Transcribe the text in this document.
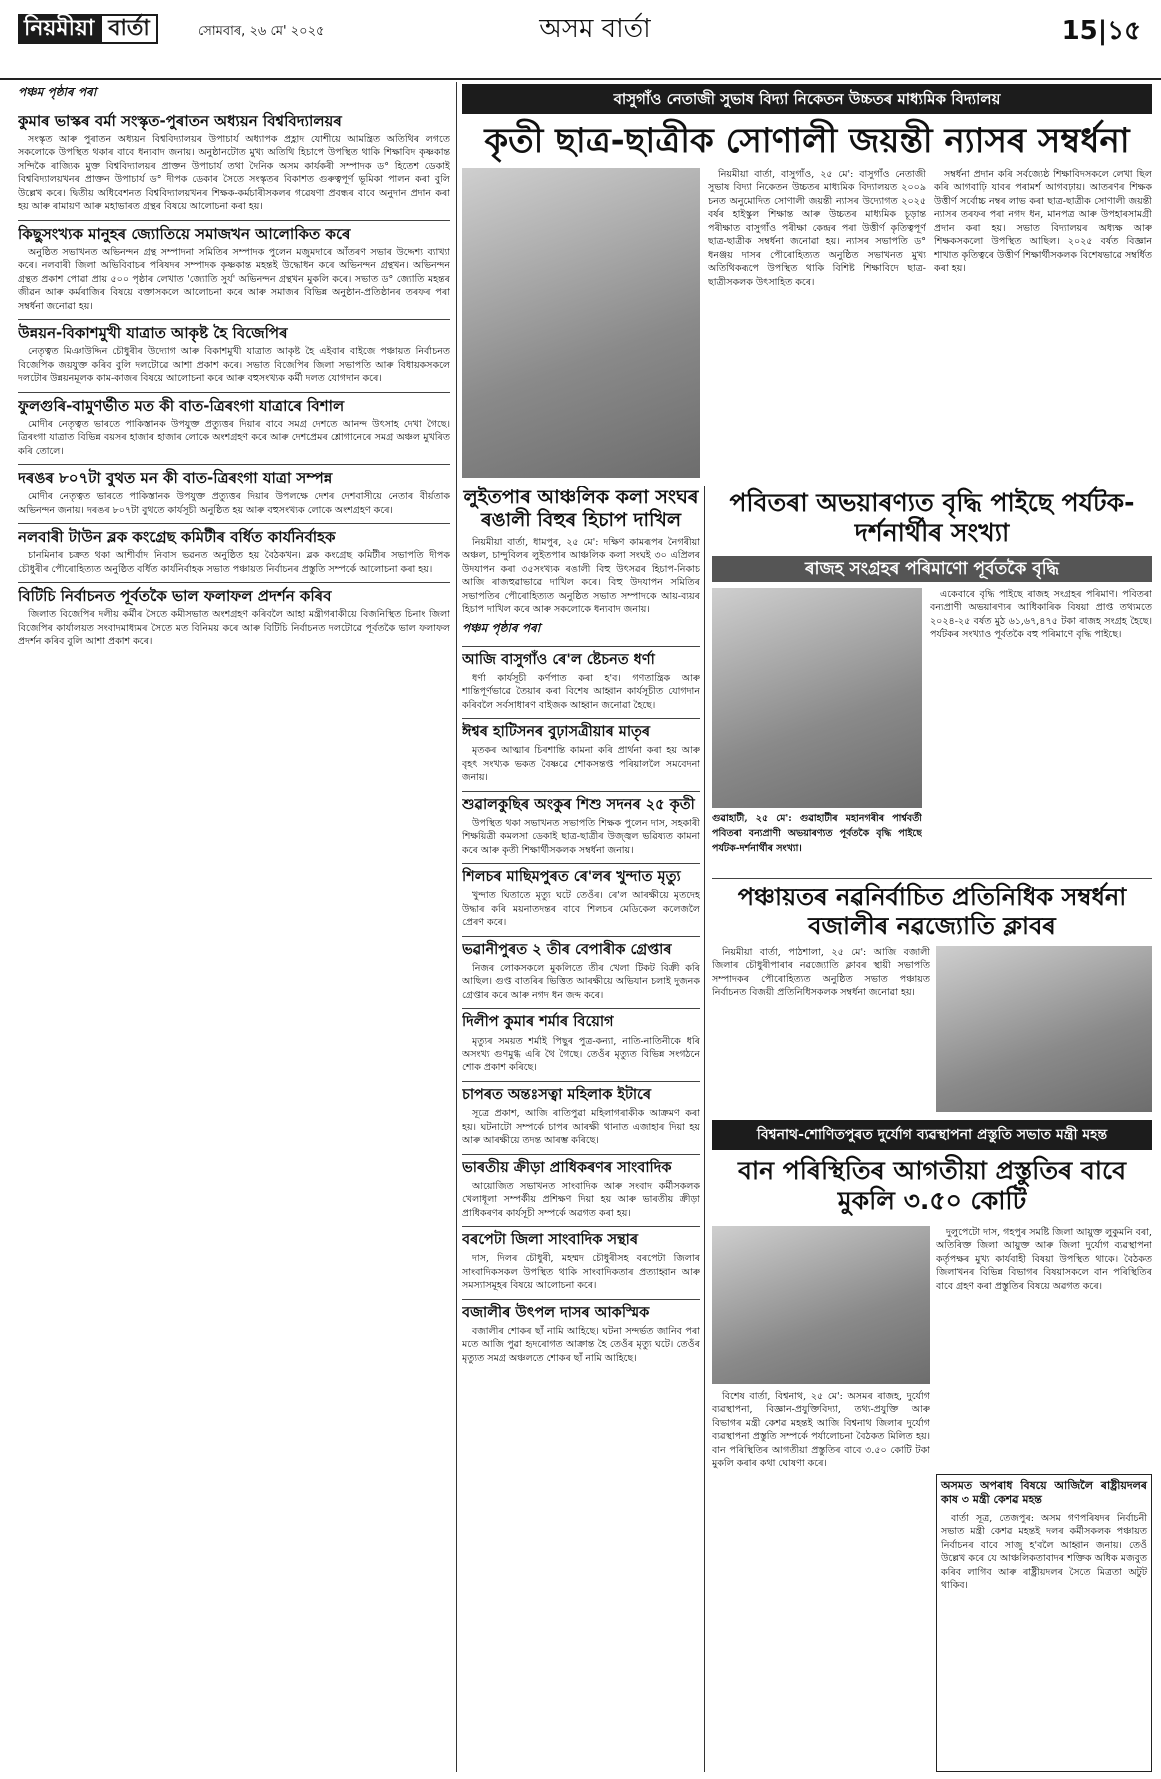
নিয়মীয়া বাৰ্তা	সোমবাৰ, ২৬ মে' ২০২৫	অসম বাৰ্তা	15|১৫
পঞ্চম পৃষ্ঠাৰ পৰা
কুমাৰ ভাস্কৰ বৰ্মা সংস্কৃত-পুৰাতন অধ্যয়ন বিশ্ববিদ্যালয়ৰ

সংস্কৃত আৰু পুৰাতন অধ্যয়ন বিশ্ববিদ্যালয়ৰ উপাচাৰ্য অধ্যাপক প্ৰহ্লাদ যোশীয়ে আমন্ত্ৰিত অতিথিৰ লগতে সকলোকে উপস্থিত থকাৰ বাবে ধন্যবাদ জনায়। অনুষ্ঠানটোত মুখ্য অতিথি হিচাপে উপস্থিত থাকি শিক্ষাবিদ কৃষ্ণকান্ত সন্দিকৈ ৰাজ্যিক মুক্ত বিশ্ববিদ্যালয়ৰ প্ৰাক্তন উপাচাৰ্য তথা দৈনিক অসম কাৰ্যকৰী সম্পাদক ড° হিতেশ ডেকাই বিশ্ববিদ্যালয়খনৰ প্ৰাক্তন উপাচাৰ্য ড° দীপক ডেকাৰ সৈতে সংস্কৃতৰ বিকাশত গুৰুত্বপূৰ্ণ ভূমিকা পালন কৰা বুলি উল্লেখ কৰে। দ্বিতীয় অধিবেশনত বিশ্ববিদ্যালয়খনৰ শিক্ষক-কৰ্মচাৰীসকলৰ গৱেষণা প্ৰবন্ধৰ বাবে অনুদান প্ৰদান কৰা হয় আৰু ৰামায়ণ আৰু মহাভাৰত গ্ৰন্থৰ বিষয়ে আলোচনা কৰা হয়।

কিছুসংখ্যক মানুহৰ জ্যোতিয়ে সমাজখন আলোকিত কৰে

অনুষ্ঠিত সভাখনত অভিনন্দন গ্ৰন্থ সম্পাদনা সমিতিৰ সম্পাদক পুলেন মজুমদাৰে আঁতৰণ সভাৰ উদ্দেশ্য ব্যাখ্যা কৰে। নলবাৰী জিলা অভিবিবাচৰ পৰিষদৰ সম্পাদক কৃষ্ণকান্ত মহন্তই উদ্ধোধন কৰে অভিনন্দন গ্ৰন্থখন। অভিনন্দন গ্ৰন্থত প্ৰকাশ পোৱা প্ৰায় ৫০০ পৃষ্ঠাৰ লেখাত 'জ্যোতি সুৰ্য' অভিনন্দন গ্ৰন্থখন মুকলি কৰে। সভাত ড° জ্যোতি মহন্তৰ জীৱন আৰু কৰ্মৰাজিৰ বিষয়ে বক্তাসকলে আলোচনা কৰে আৰু সমাজৰ বিভিন্ন অনুষ্ঠান-প্ৰতিষ্ঠানৰ তৰফৰ পৰা সম্বৰ্ধনা জনোৱা হয়।

উন্নয়ন-বিকাশমুখী যাত্ৰাত আকৃষ্ট হৈ বিজেপিৰ

নেতৃত্বত মিঞাউদ্দিন চৌধুৰীৰ উদ্যোগ আৰু বিকাশমুখী যাত্ৰাত আকৃষ্ট হৈ এইবাৰ বাইজে পঞ্চায়ত নিৰ্বাচনত বিজেপিক জয়যুক্ত কৰিব বুলি দলটোৱে আশা প্ৰকাশ কৰে। সভাত বিজেপিৰ জিলা সভাপতি আৰু বিধায়কসকলে দলটোৰ উন্নয়নমূলক কাম-কাজৰ বিষয়ে আলোচনা কৰে আৰু বহুসংখ্যক কৰ্মী দলত যোগদান কৰে।

ফুলগুৰি-বামুণৰ্ভীত মত কী বাত-ত্ৰিৰংগা যাত্ৰাৰে বিশাল

মোদীৰ নেতৃত্বত ভাৰতে পাকিস্তানক উপযুক্ত প্ৰত্যুত্তৰ দিয়াৰ বাবে সমগ্ৰ দেশতে আনন্দ উৎসাহ দেখা গৈছে। ত্ৰিৰংগা যাত্ৰাত বিভিন্ন বয়সৰ হাজাৰ হাজাৰ লোকে অংশগ্ৰহণ কৰে আৰু দেশপ্ৰেমৰ শ্লোগানেৰে সমগ্ৰ অঞ্চল মুখৰিত কৰি তোলে।

দৰঙৰ ৮০৭টা বুথত মন কী বাত-ত্ৰিৰংগা যাত্ৰা সম্পন্ন

মোদীৰ নেতৃত্বত ভাৰতে পাকিস্তানক উপযুক্ত প্ৰত্যুত্তৰ দিয়াৰ উপলক্ষে দেশৰ দেশবাসীয়ে নেতাৰ বীৰ্য়তাক অভিনন্দন জনায়। দৰঙৰ ৮০৭টা বুথতে কাৰ্যসূচী অনুষ্ঠিত হয় আৰু বহুসংখ্যক লোকে অংশগ্ৰহণ কৰে।

নলবাৰী টাউন ব্লক কংগ্ৰেছ কমিটীৰ বৰ্ধিত কাৰ্যনিৰ্বাহক

চানমিনাৰ চক্ৰত থকা আশীৰ্বাদ নিবাস ভৱনত অনুষ্ঠিত হয় বৈঠকখন। ব্লক কংগ্ৰেছ কমিটীৰ সভাপতি দীপক চৌধুৰীৰ পৌৰোহিত্যত অনুষ্ঠিত বৰ্ধিত কাৰ্যনিৰ্বাহক সভাত পঞ্চায়ত নিৰ্বাচনৰ প্ৰস্তুতি সম্পৰ্কে আলোচনা কৰা হয়।

বিটিচি নিৰ্বাচনত পূৰ্বতকৈ ভাল ফলাফল প্ৰদৰ্শন কৰিব

জিলাত বিজেপিৰ দলীয় কৰ্মীৰ সৈতে কমীসভাত অংশগ্ৰহণ কৰিবলৈ আহা মন্ত্ৰীগৰাকীয়ে বিজনিস্থিত চিনাং জিলা বিজেপিৰ কাৰ্যালয়ত সংবাদমাধ্যমৰ সৈতে মত বিনিময় কৰে আৰু বিটিচি নিৰ্বাচনত দলটোৱে পূৰ্বতকৈ ভাল ফলাফল প্ৰদৰ্শন কৰিব বুলি আশা প্ৰকাশ কৰে।

বাসুগাঁও নেতাজী সুভাষ বিদ্যা নিকেতন উচ্চতৰ মাধ্যমিক বিদ্যালয়
কৃতী ছাত্ৰ-ছাত্ৰীক সোণালী জয়ন্তী ন্যাসৰ সম্বৰ্ধনা

নিয়মীয়া বাৰ্তা, বাসুগাঁও, ২৫ মে': বাসুগাঁও নেতাজী সুভাষ বিদ্যা নিকেতন উচ্চতৰ মাধ্যমিক বিদ্যালয়ত ২০০৯ চনত অনুমোদিত সোণালী জয়ন্তী ন্যাসৰ উদ্যোগত ২০২৫ বৰ্ষৰ হাইস্কুল শিক্ষান্ত আৰু উচ্চতৰ মাধ্যমিক চূড়ান্ত পৰীক্ষাত বাসুগাঁও পৰীক্ষা কেন্দ্ৰৰ পৰা উত্তীৰ্ণ কৃতিত্বপূৰ্ণ ছাত্ৰ-ছাত্ৰীক সম্বৰ্ধনা জনোৱা হয়। ন্যাসৰ সভাপতি ড° ধনঞ্জয় দাসৰ পৌৰোহিত্যত অনুষ্ঠিত সভাখনত মুখ্য অতিথিকৰূপে উপস্থিত থাকি বিশিষ্ট শিক্ষাবিদে ছাত্ৰ-ছাত্ৰীসকলক উৎসাহিত কৰে।

সম্বৰ্ধনা প্ৰদান কৰি সৰ্বজ্যেষ্ঠ শিক্ষাবিদসকলে লেখা ছিল কৰি আগবাঢ়ি যাবৰ পৰামৰ্শ আগবঢ়ায়। আতৰণৰ শিক্ষক উত্তীৰ্ণ সৰ্বোচ্চ নম্বৰ লাভ কৰা ছাত্ৰ-ছাত্ৰীক সোণালী জয়ন্তী ন্যাসৰ তৰফৰ পৰা নগদ ধন, মানপত্ৰ আৰু উপহাৰসামগ্ৰী প্ৰদান কৰা হয়। সভাত বিদ্যালয়ৰ অধ্যক্ষ আৰু শিক্ষকসকলো উপস্থিত আছিল। ২০২৫ বৰ্ষত বিজ্ঞান শাখাত কৃতিত্বৰে উত্তীৰ্ণ শিক্ষাৰ্থীসকলক বিশেষভাৱে সম্বৰ্ধিত কৰা হয়।

লুইতপাৰ আঞ্চলিক কলা সংঘৰ ৰঙালী বিহুৰ হিচাপ দাখিল

নিয়মীয়া বাৰ্তা, ধামপুৰ, ২৫ মে': দক্ষিণ কামৰূপৰ নৈগৰীয়া অঞ্চল, চান্দুবিলৰ লুইতপাৰ আঞ্চলিক কলা সংঘই ৩০ এপ্ৰিলৰ উদযাপন কৰা ৩৫সংখ্যক ৰঙালী বিহু উৎসৱৰ হিচাপ-নিকাচ আজি ৰাজহুৱাভাৱে দাখিল কৰে। বিহু উদযাপন সমিতিৰ সভাপতিৰ পৌৰোহিত্যত অনুষ্ঠিত সভাত সম্পাদকে আয়-ব্যয়ৰ হিচাপ দাখিল কৰে আৰু সকলোকে ধন্যবাদ জনায়।

পঞ্চম পৃষ্ঠাৰ পৰা
আজি বাসুগাঁও ৰে'ল ষ্টেচনত ধৰ্ণা

ধৰ্ণা কাৰ্যসূচী কৰ্ণপাত কৰা হ'ব। গণতান্ত্ৰিক আৰু শান্তিপূৰ্ণভাৱে তৈয়াৰ কৰা বিশেষ আহ্বান কাৰ্যসূচীত যোগদান কৰিবলৈ সৰ্বসাধাৰণ বাইজক আহ্বান জনোৱা হৈছে।

ঈশ্বৰ হাটিসনৰ বুঢ়াসত্ৰীয়াৰ মাতৃৰ

মৃতকৰ আত্মাৰ চিৰশান্তি কামনা কৰি প্ৰাৰ্থনা কৰা হয় আৰু বৃহৎ সংখ্যক ভকত বৈষ্ণৱে শোকসন্তপ্ত পৰিয়াললৈ সমবেদনা জনায়।

শুৱালকুছিৰ অংকুৰ শিশু সদনৰ ২৫ কৃতী

উপস্থিত থকা সভাখনত সভাপতি শিক্ষক পুলেন দাস, সহকাৰী শিক্ষয়িত্ৰী কমলসা ডেকাই ছাত্ৰ-ছাত্ৰীৰ উজ্জ্বল ভৱিষ্যত কামনা কৰে আৰু কৃতী শিক্ষাৰ্থীসকলক সম্বৰ্ধনা জনায়।

শিলচৰ মাছিমপুৰত ৰে'লৰ খুন্দাত মৃত্যু

খুন্দাত ঘিতাতে মৃত্যু ঘটে তেওঁৰ। ৰে'ল আৰক্ষীয়ে মৃতদেহ উদ্ধাৰ কৰি ময়নাতদন্তৰ বাবে শিলচৰ মেডিকেল কলেজলৈ প্ৰেৰণ কৰে।

ভৱানীপুৰত ২ তীৰ বেপাৰীক গ্ৰেপ্তাৰ

নিজৰ লোকসকলে মুকলিতে তীৰ খেলা টিকট বিক্ৰী কৰি আছিল। গুপ্ত বাতৰিৰ ভিত্তিত আৰক্ষীয়ে অভিযান চলাই দুজনক গ্ৰেপ্তাৰ কৰে আৰু নগদ ধন জব্দ কৰে।

দিলীপ কুমাৰ শৰ্মাৰ বিয়োগ

মৃত্যুৰ সময়ত শৰ্মাই পিছুৰ পুত্ৰ-কন্যা, নাতি-নাতিনীকে ধৰি অসংখ্য গুণমুগ্ধ এৰি থৈ গৈছে। তেওঁৰ মৃত্যুত বিভিন্ন সংগঠনে শোক প্ৰকাশ কৰিছে।

চাপৰত অন্তঃসত্বা মহিলাক ইটাৰে

সূত্ৰে প্ৰকাশ, আজি ৰাতিপুৱা মহিলাগৰাকীক আক্ৰমণ কৰা হয়। ঘটনাটো সম্পৰ্কে চাপৰ আৰক্ষী থানাত এজাহাৰ দিয়া হয় আৰু আৰক্ষীয়ে তদন্ত আৰম্ভ কৰিছে।

ভাৰতীয় ক্ৰীড়া প্ৰাধিকৰণৰ সাংবাদিক

আয়োজিত সভাখনত সাংবাদিক আৰু সংবাদ কৰ্মীসকলক খেলাধূলা সম্পৰ্কীয় প্ৰশিক্ষণ দিয়া হয় আৰু ভাৰতীয় ক্ৰীড়া প্ৰাধিকৰণৰ কাৰ্যসূচী সম্পৰ্কে অৱগত কৰা হয়।

বৰপেটা জিলা সাংবাদিক সন্থাৰ

দাস, দিলৰ চৌধুৰী, মহম্মদ চৌধুৰীসহ বৰপেটা জিলাৰ সাংবাদিকসকল উপস্থিত থাকি সাংবাদিকতাৰ প্ৰত্যাহ্বান আৰু সমস্যাসমূহৰ বিষয়ে আলোচনা কৰে।

বজালীৰ উৎপল দাসৰ আকস্মিক

বজালীৰ শোকৰ ছাঁ নামি আহিছে। ঘটনা সন্দৰ্ভত জানিব পৰা মতে আজি পুৱা হৃদৰোগত আক্ৰান্ত হৈ তেওঁৰ মৃত্যু ঘটে। তেওঁৰ মৃত্যুত সমগ্ৰ অঞ্চলতে শোকৰ ছাঁ নামি আহিছে।

পবিতৰা অভয়াৰণ্যত বৃদ্ধি পাইছে পৰ্যটক-দৰ্শনাৰ্থীৰ সংখ্যা
ৰাজহ সংগ্ৰহৰ পৰিমাণো পূৰ্বতকৈ বৃদ্ধি
গুৱাহাটী, ২৫ মে': গুৱাহাটীৰ মহানগৰীৰ পাৰ্শ্ববৰ্তী পবিতৰা বন্যপ্ৰাণী অভয়াৰণ্যত পূৰ্বতকৈ বৃদ্ধি পাইছে পৰ্যটক-দৰ্শনাৰ্থীৰ সংখ্যা।

একেবাৰে বৃদ্ধি পাইছে ৰাজহ সংগ্ৰহৰ পৰিমাণ। পবিতৰা বন্যপ্ৰাণী অভয়াৰণ্যৰ আধিকাৰিক বিষয়া প্ৰাপ্ত তথ্যমতে ২০২৪-২৫ বৰ্ষত মুঠ ৬১,৬৭,৪৭৫ টকা ৰাজহ সংগ্ৰহ হৈছে। পৰ্যটকৰ সংখ্যাও পূৰ্বতকৈ বহু পৰিমাণে বৃদ্ধি পাইছে।

পঞ্চায়তৰ নৱনিৰ্বাচিত প্ৰতিনিধিক সম্বৰ্ধনা বজালীৰ নৱজ্যোতি ক্লাবৰ

নিয়মীয়া বাৰ্তা, পাঠশালা, ২৫ মে': আজি বজালী জিলাৰ চৌধুৰীপাৰাৰ নৱজ্যোতি ক্লাবৰ স্থায়ী সভাপতি সম্পাদকৰ পৌৰোহিত্যত অনুষ্ঠিত সভাত পঞ্চায়ত নিৰ্বাচনত বিজয়ী প্ৰতিনিধিসকলক সম্বৰ্ধনা জনোৱা হয়।

বিশ্বনাথ-শোণিতপুৰত দুৰ্যোগ ব্যৱস্থাপনা প্ৰস্তুতি সভাত মন্ত্ৰী মহন্ত
বান পৰিস্থিতিৰ আগতীয়া প্ৰস্তুতিৰ বাবে মুকলি ৩.৫০ কোটি

বিশেষ বাৰ্তা, বিশ্বনাথ, ২৫ মে': অসমৰ ৰাজহ, দুৰ্যোগ ব্যৱস্থাপনা, বিজ্ঞান-প্ৰযুক্তিবিদ্যা, তথ্য-প্ৰযুক্তি আৰু বিভাগৰ মন্ত্ৰী কেশৱ মহন্তই আজি বিশ্বনাথ জিলাৰ দুৰ্যোগ ব্যৱস্থাপনা প্ৰস্তুতি সম্পৰ্কে পৰ্যালোচনা বৈঠকত মিলিত হয়। বান পৰিস্থিতিৰ আগতীয়া প্ৰস্তুতিৰ বাবে ৩.৫০ কোটি টকা মুকলি কৰাৰ কথা ঘোষণা কৰে।

দুলুপেটো দাস, গহপুৰ সমষ্টি জিলা আয়ুক্ত লুকুমনি বৰা, অতিৰিক্ত জিলা আয়ুক্ত আৰু জিলা দুৰ্যোগ ব্যৱস্থাপনা কৰ্তৃপক্ষৰ মুখ্য কাৰ্যবাহী বিষয়া উপস্থিত থাকে। বৈঠকত জিলাখনৰ বিভিন্ন বিভাগৰ বিষয়াসকলে বান পৰিস্থিতিৰ বাবে গ্ৰহণ কৰা প্ৰস্তুতিৰ বিষয়ে অৱগত কৰে।

অসমত অপৰাধ বিষয়ে আজিলৈ ৰাষ্ট্ৰীয়দলৰ কাষ ৩ মন্ত্ৰী কেশৱ মহন্ত

বাৰ্তা সূত্ৰ, তেজপুৰ: অসম গণপৰিষদৰ নিৰ্বাচনী সভাত মন্ত্ৰী কেশৱ মহন্তই দলৰ কৰ্মীসকলক পঞ্চায়ত নিৰ্বাচনৰ বাবে সাজু হ'বলৈ আহ্বান জনায়। তেওঁ উল্লেখ কৰে যে আঞ্চলিকতাবাদৰ শক্তিক অধিক মজবুত কৰিব লাগিব আৰু ৰাষ্ট্ৰীয়দলৰ সৈতে মিত্ৰতা অটুট থাকিব।
